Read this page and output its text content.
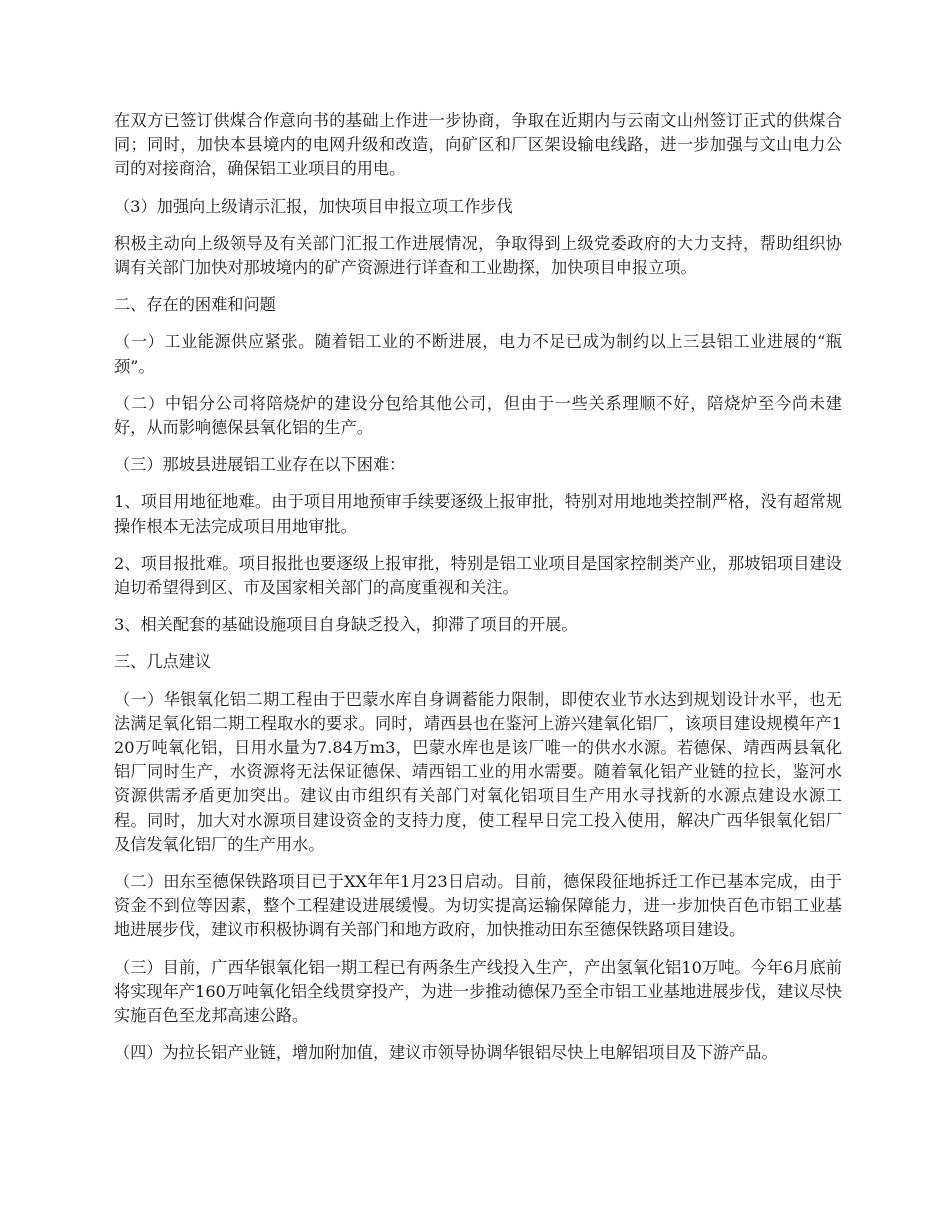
在双方已签订供煤合作意向书的基础上作进一步协商，争取在近期内与云南文山州签订正式的供煤合同；同时，加快本县境内的电网升级和改造，向矿区和厂区架设输电线路，进一步加强与文山电力公司的对接商洽，确保铝工业项目的用电。

（3）加强向上级请示汇报，加快项目申报立项工作步伐

积极主动向上级领导及有关部门汇报工作进展情况，争取得到上级党委政府的大力支持，帮助组织协调有关部门加快对那坡境内的矿产资源进行详查和工业勘探，加快项目申报立项。

二、存在的困难和问题

（一）工业能源供应紧张。随着铝工业的不断进展，电力不足已成为制约以上三县铝工业进展的“瓶颈”。

（二）中铝分公司将陪烧炉的建设分包给其他公司，但由于一些关系理顺不好，陪烧炉至今尚未建好，从而影响德保县氧化铝的生产。

（三）那坡县进展铝工业存在以下困难：

1、项目用地征地难。由于项目用地预审手续要逐级上报审批，特别对用地地类控制严格，没有超常规操作根本无法完成项目用地审批。

2、项目报批难。项目报批也要逐级上报审批，特别是铝工业项目是国家控制类产业，那坡铝项目建设迫切希望得到区、市及国家相关部门的高度重视和关注。

3、相关配套的基础设施项目自身缺乏投入，抑滞了项目的开展。

三、几点建议

（一）华银氧化铝二期工程由于巴蒙水库自身调蓄能力限制，即使农业节水达到规划设计水平，也无法满足氧化铝二期工程取水的要求。同时，靖西县也在鉴河上游兴建氧化铝厂，该项目建设规模年产120万吨氧化铝，日用水量为7.84万m3，巴蒙水库也是该厂唯一的供水水源。若德保、靖西两县氧化铝厂同时生产，水资源将无法保证德保、靖西铝工业的用水需要。随着氧化铝产业链的拉长，鉴河水资源供需矛盾更加突出。建议由市组织有关部门对氧化铝项目生产用水寻找新的水源点建设水源工程。同时，加大对水源项目建设资金的支持力度，使工程早日完工投入使用，解决广西华银氧化铝厂及信发氧化铝厂的生产用水。

（二）田东至德保铁路项目已于XX年年1月23日启动。目前，德保段征地拆迁工作已基本完成，由于资金不到位等因素，整个工程建设进展缓慢。为切实提高运输保障能力，进一步加快百色市铝工业基地进展步伐，建议市积极协调有关部门和地方政府，加快推动田东至德保铁路项目建设。

（三）目前，广西华银氧化铝一期工程已有两条生产线投入生产，产出氢氧化铝10万吨。今年6月底前将实现年产160万吨氧化铝全线贯穿投产，为进一步推动德保乃至全市铝工业基地进展步伐，建议尽快实施百色至龙邦高速公路。

（四）为拉长铝产业链，增加附加值，建议市领导协调华银铝尽快上电解铝项目及下游产品。
